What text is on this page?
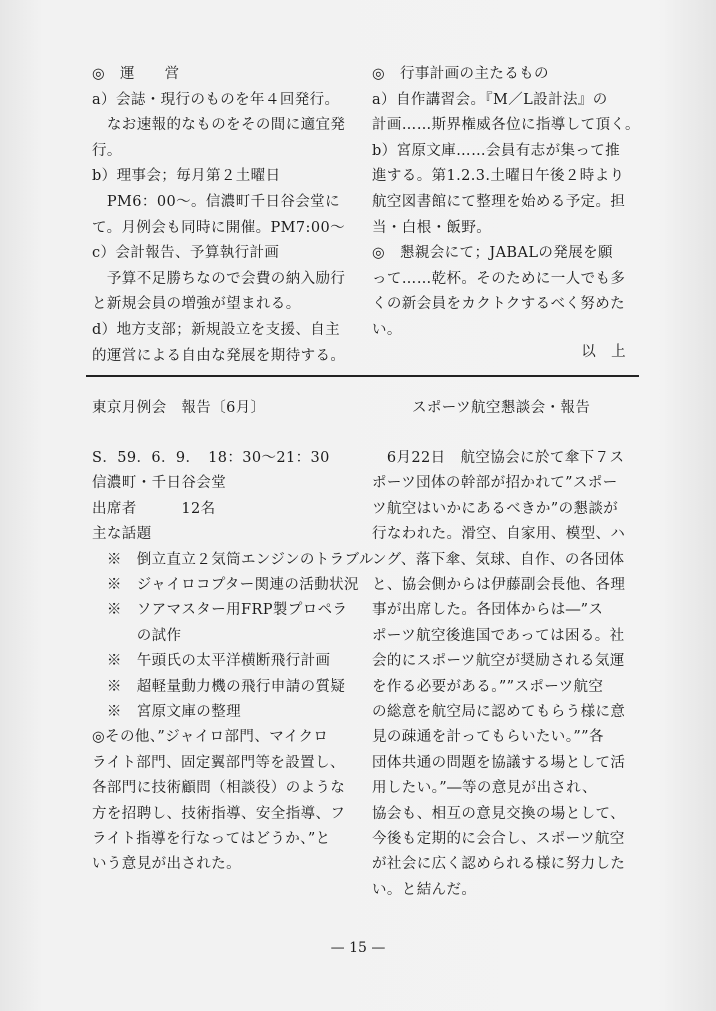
◎　運　　営
a）会誌・現行のものを年４回発行。
　なお速報的なものをその間に適宜発
行。
b）理事会；毎月第２土曜日
　PM6：00〜。信濃町千日谷会堂に
て。月例会も同時に開催。PM7:00〜
c）会計報告、予算執行計画
　予算不足勝ちなので会費の納入励行
と新規会員の増強が望まれる。
d）地方支部；新規設立を支援、自主
的運営による自由な発展を期待する。
◎　行事計画の主たるもの
a）自作講習会。『M／L設計法』の
計画……斯界権威各位に指導して頂く。
b）宮原文庫……会員有志が集って推
進する。第1.2.3.土曜日午後２時より
航空図書館にて整理を始める予定。担
当・白根・飯野。
◎　懇親会にて；JABALの発展を願
って……乾杯。そのために一人でも多
くの新会員をカクトクするべく努めた
い。
以　上
東京月例会　報告〔6月〕
S．59．6．9．　18：30〜21：30
信濃町・千日谷会堂
出席者　　　12名
主な話題
　※　倒立直立２気筒エンジンのトラブル
　※　ジャイロコプター関連の活動状況
　※　ソアマスター用FRP製プロペラ
　　　の試作
　※　午頭氏の太平洋横断飛行計画
　※　超軽量動力機の飛行申請の質疑
　※　宮原文庫の整理
◎その他、”ジャイロ部門、マイクロ
ライト部門、固定翼部門等を設置し、
各部門に技術顧問（相談役）のような
方を招聘し、技術指導、安全指導、フ
ライト指導を行なってはどうか、”と
いう意見が出された。
スポーツ航空懇談会・報告
　6月22日　航空協会に於て傘下７ス
ポーツ団体の幹部が招かれて”スポー
ツ航空はいかにあるべきか”の懇談が
行なわれた。滑空、自家用、模型、ハ
ング、落下傘、気球、自作、の各団体
と、協会側からは伊藤副会長他、各理
事が出席した。各団体からは―”ス
ポーツ航空後進国であっては困る。社
会的にスポーツ航空が奨励される気運
を作る必要がある。””スポーツ航空
の総意を航空局に認めてもらう様に意
見の疎通を計ってもらいたい。””各
団体共通の問題を協議する場として活
用したい。”―等の意見が出され、
協会も、相互の意見交換の場として、
今後も定期的に会合し、スポーツ航空
が社会に広く認められる様に努力した
い。と結んだ。
— 15 —
